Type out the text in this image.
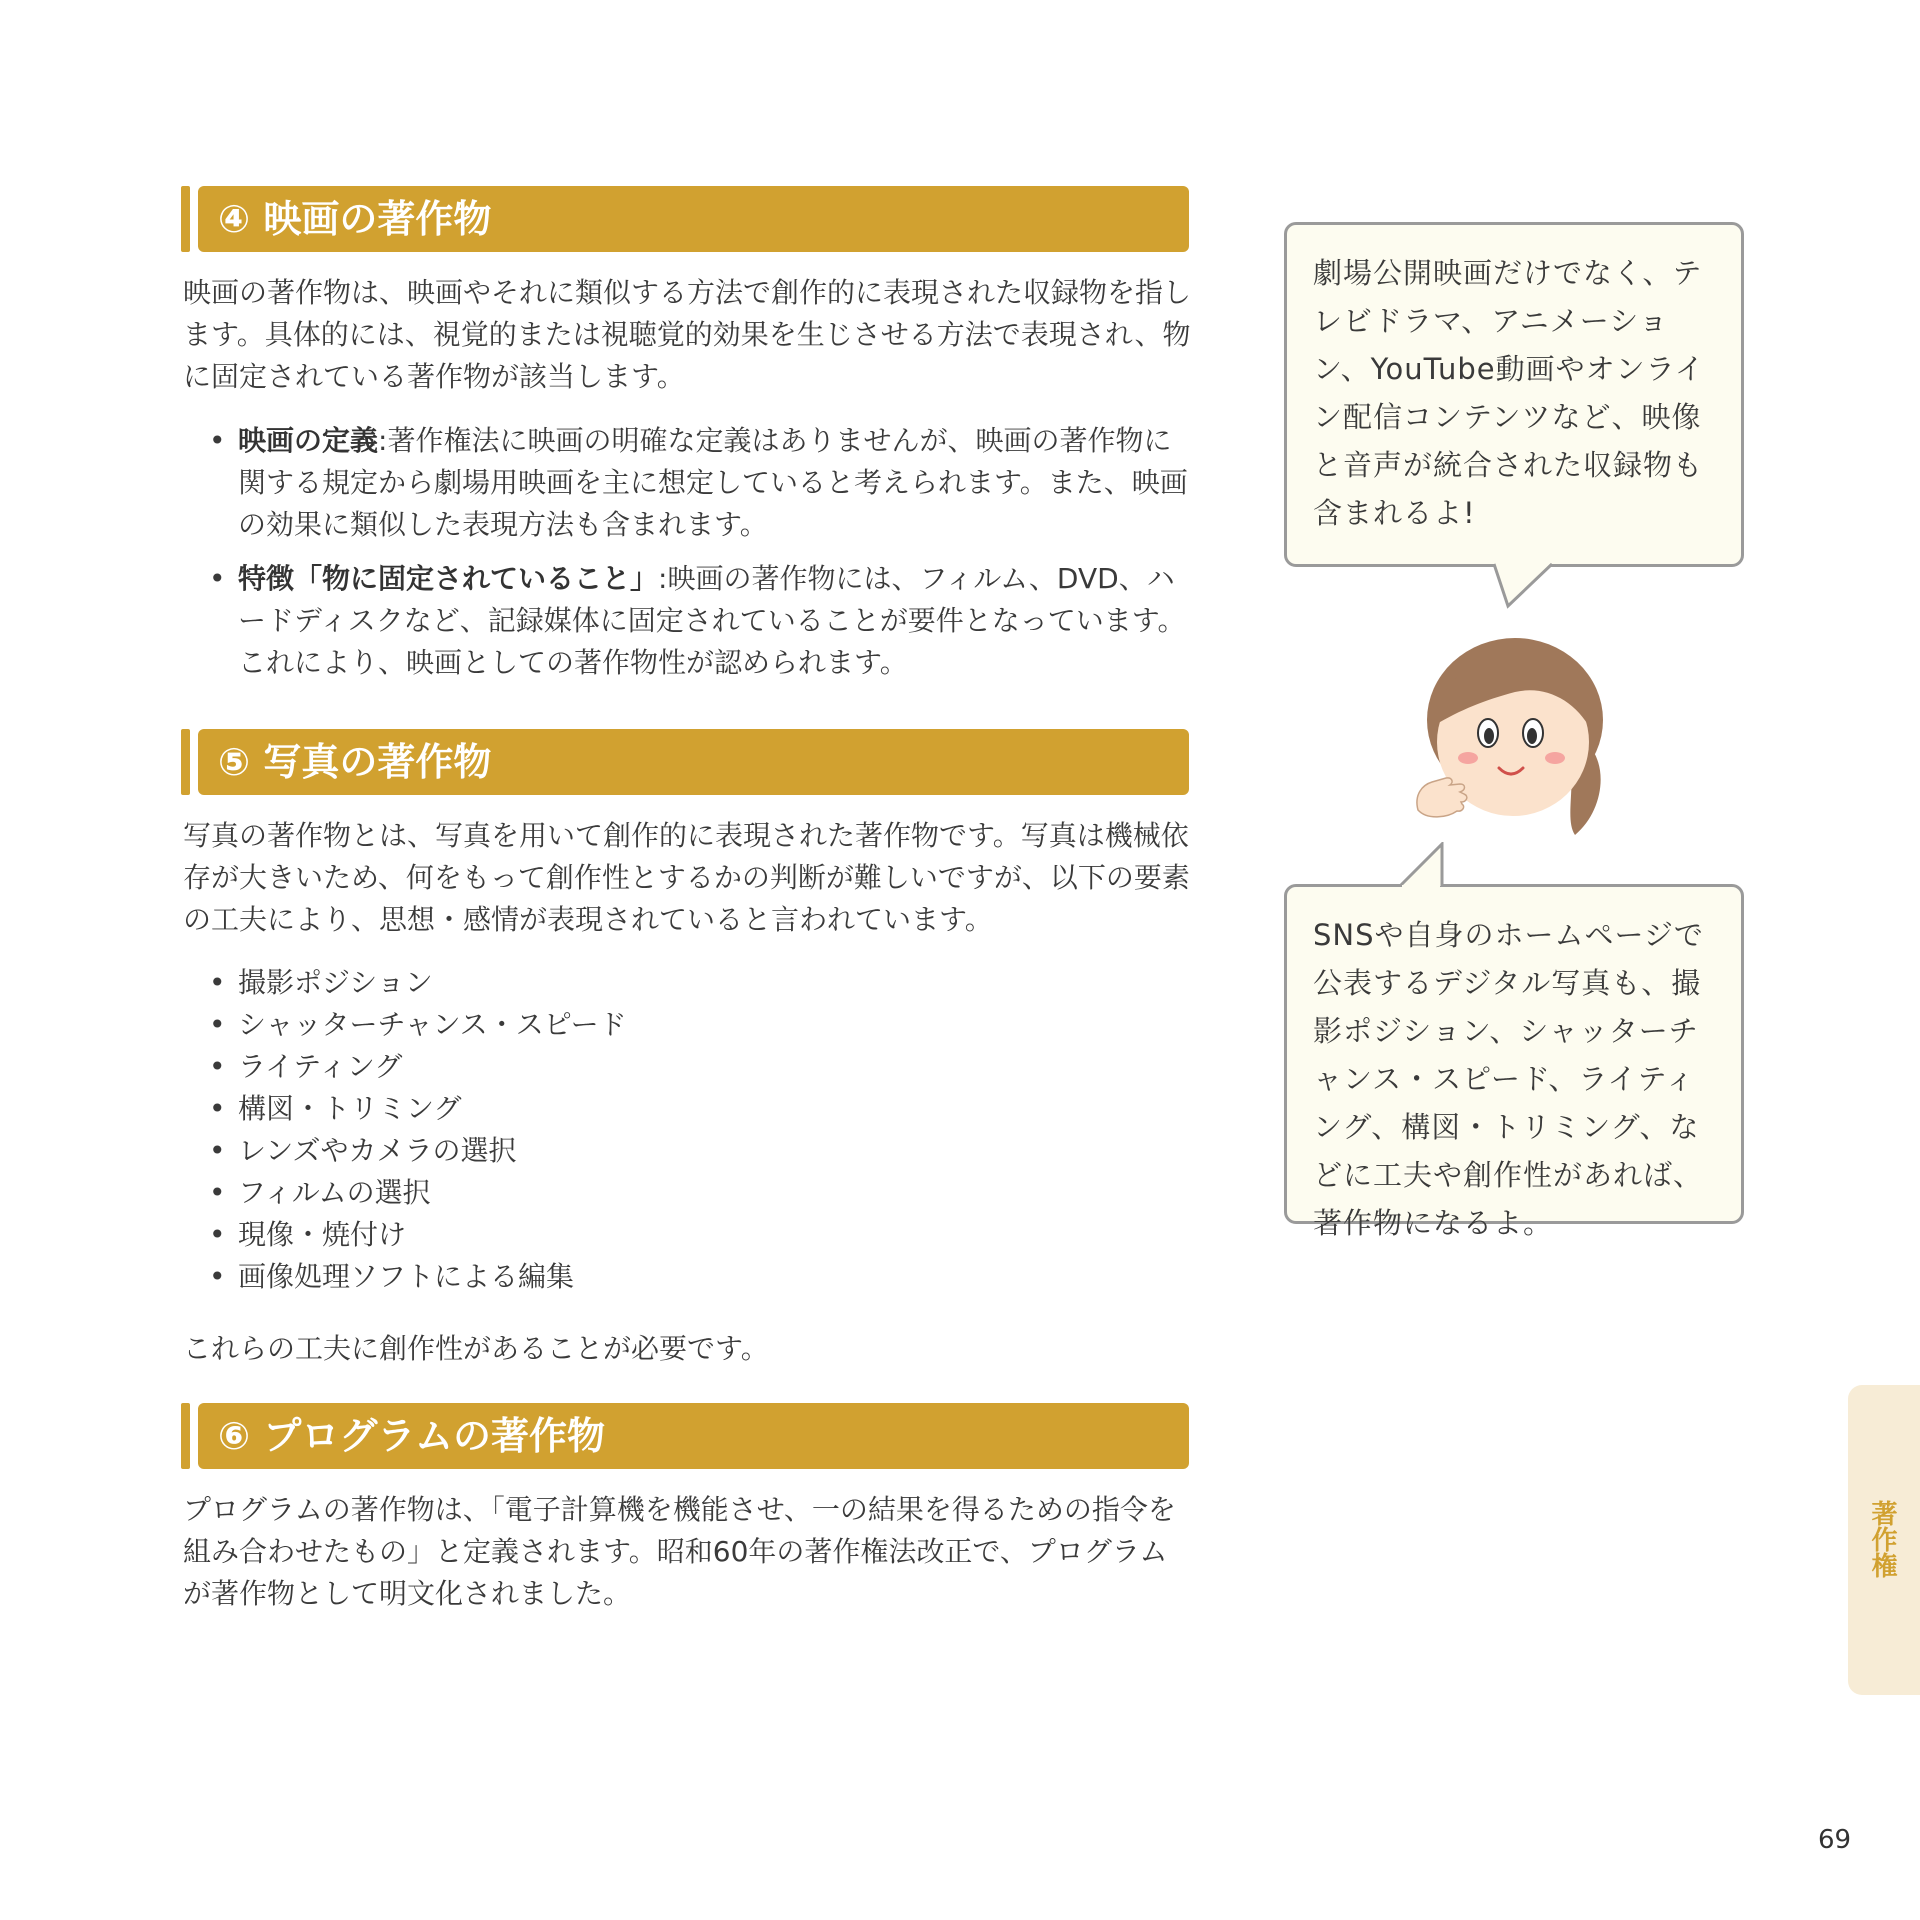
④ 映画の著作物

映画の著作物は、映画やそれに類似する方法で創作的に表現された収録物を指します。具体的には、視覚的または視聴覚的効果を生じさせる方法で表現され、物に固定されている著作物が該当します。

• 映画の定義:著作権法に映画の明確な定義はありませんが、映画の著作物に関する規定から劇場用映画を主に想定していると考えられます。また、映画の効果に類似した表現方法も含まれます。
• 特徴「物に固定されていること」:映画の著作物には、フィルム、DVD、ハードディスクなど、記録媒体に固定されていることが要件となっています。これにより、映画としての著作物性が認められます。
⑤ 写真の著作物

写真の著作物とは、写真を用いて創作的に表現された著作物です。写真は機械依存が大きいため、何をもって創作性とするかの判断が難しいですが、以下の要素の工夫により、思想・感情が表現されていると言われています。

• 撮影ポジション
• シャッターチャンス・スピード
• ライティング
• 構図・トリミング
• レンズやカメラの選択
• フィルムの選択
• 現像・焼付け
• 画像処理ソフトによる編集

これらの工夫に創作性があることが必要です。

⑥ プログラムの著作物

プログラムの著作物は、「電子計算機を機能させ、一の結果を得るための指令を組み合わせたもの」と定義されます。昭和60年の著作権法改正で、プログラムが著作物として明文化されました。

劇場公開映画だけでなく、テレビドラマ、アニメーション、YouTube動画やオンライン配信コンテンツなど、映像と音声が統合された収録物も含まれるよ!
SNSや自身のホームページで公表するデジタル写真も、撮影ポジション、シャッターチャンス・スピード、ライティング、構図・トリミング、などに工夫や創作性があれば、著作物になるよ。
著作権
69
